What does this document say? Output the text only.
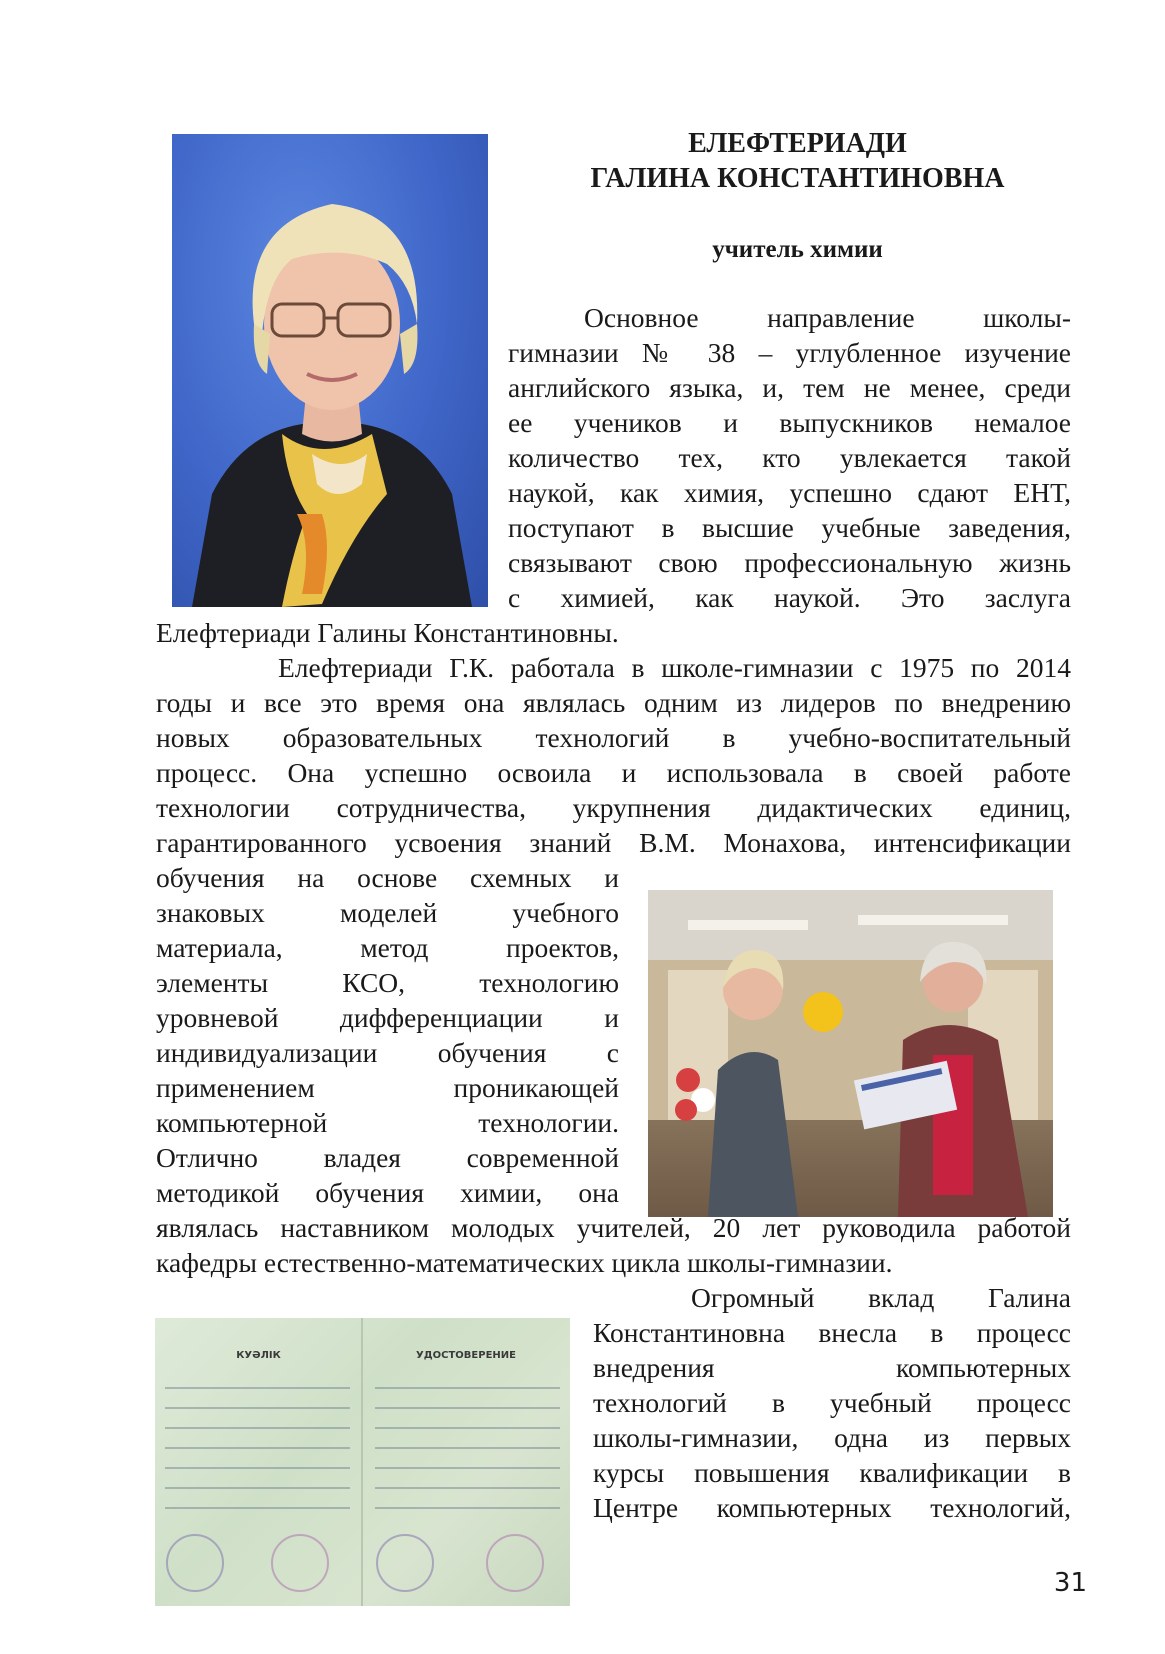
ЕЛЕФТЕРИАДИ
ГАЛИНА КОНСТАНТИНОВНА
учитель химии
Основное направление школы-
гимназии № 38 – углубленное изучение
английского языка, и, тем не менее, среди
ее учеников и выпускников немалое
количество тех, кто увлекается такой
наукой, как химия, успешно сдают ЕНТ,
поступают в высшие учебные заведения,
связывают свою профессиональную жизнь
с химией, как наукой. Это заслуга
Елефтериади Галины Константиновны.
Елефтериади Г.К. работала в школе-гимназии с 1975 по 2014
годы и все это время она являлась одним из лидеров по внедрению
новых образовательных технологий в учебно-воспитательный
процесс. Она успешно освоила и использовала в своей работе
технологии сотрудничества, укрупнения дидактических единиц,
гарантированного усвоения знаний В.М. Монахова, интенсификации
обучения на основе схемных и
знаковых моделей учебного
материала, метод проектов,
элементы КСО, технологию
уровневой дифференциации и
индивидуализации обучения с
применением проникающей
компьютерной технологии.
Отлично владея современной
методикой обучения химии, она
являлась наставником молодых учителей, 20 лет руководила работой
кафедры естественно-математических цикла школы-гимназии.
КУӘЛІК	УДОСТОВЕРЕНИЕ
Огромный вклад Галина
Константиновна внесла в процесс
внедрения компьютерных
технологий в учебный процесс
школы-гимназии, одна из первых
курсы повышения квалификации в
Центре компьютерных технологий,
31
